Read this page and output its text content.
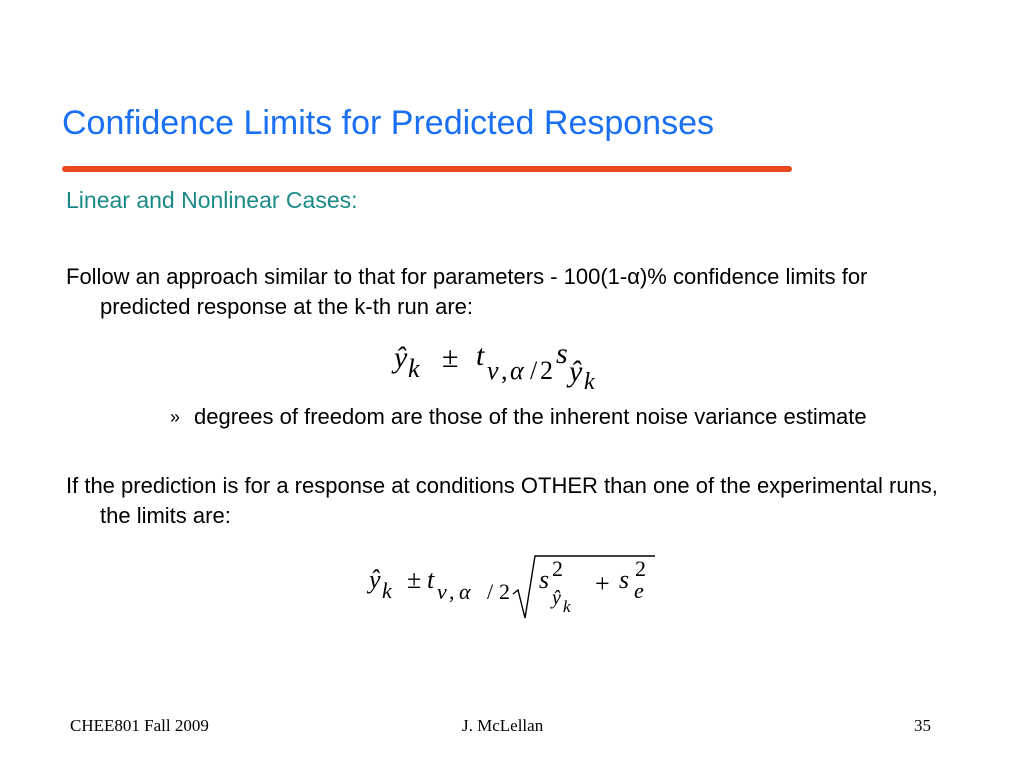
Confidence Limits for Predicted Responses
Linear and Nonlinear Cases:
Follow an approach similar to that for parameters - 100(1-α)% confidence limits for predicted response at the k-th run are:
ŷ k ± t ν , α / 2
s
ŷ k
» degrees of freedom are those of the inherent noise variance estimate
If the prediction is for a response at conditions OTHER than one of the experimental runs, the limits are:
ŷ k ± t ν , α / 2 s 2
ŷ k
+ s 2
e
CHEE801 Fall 2009	J. McLellan	35
